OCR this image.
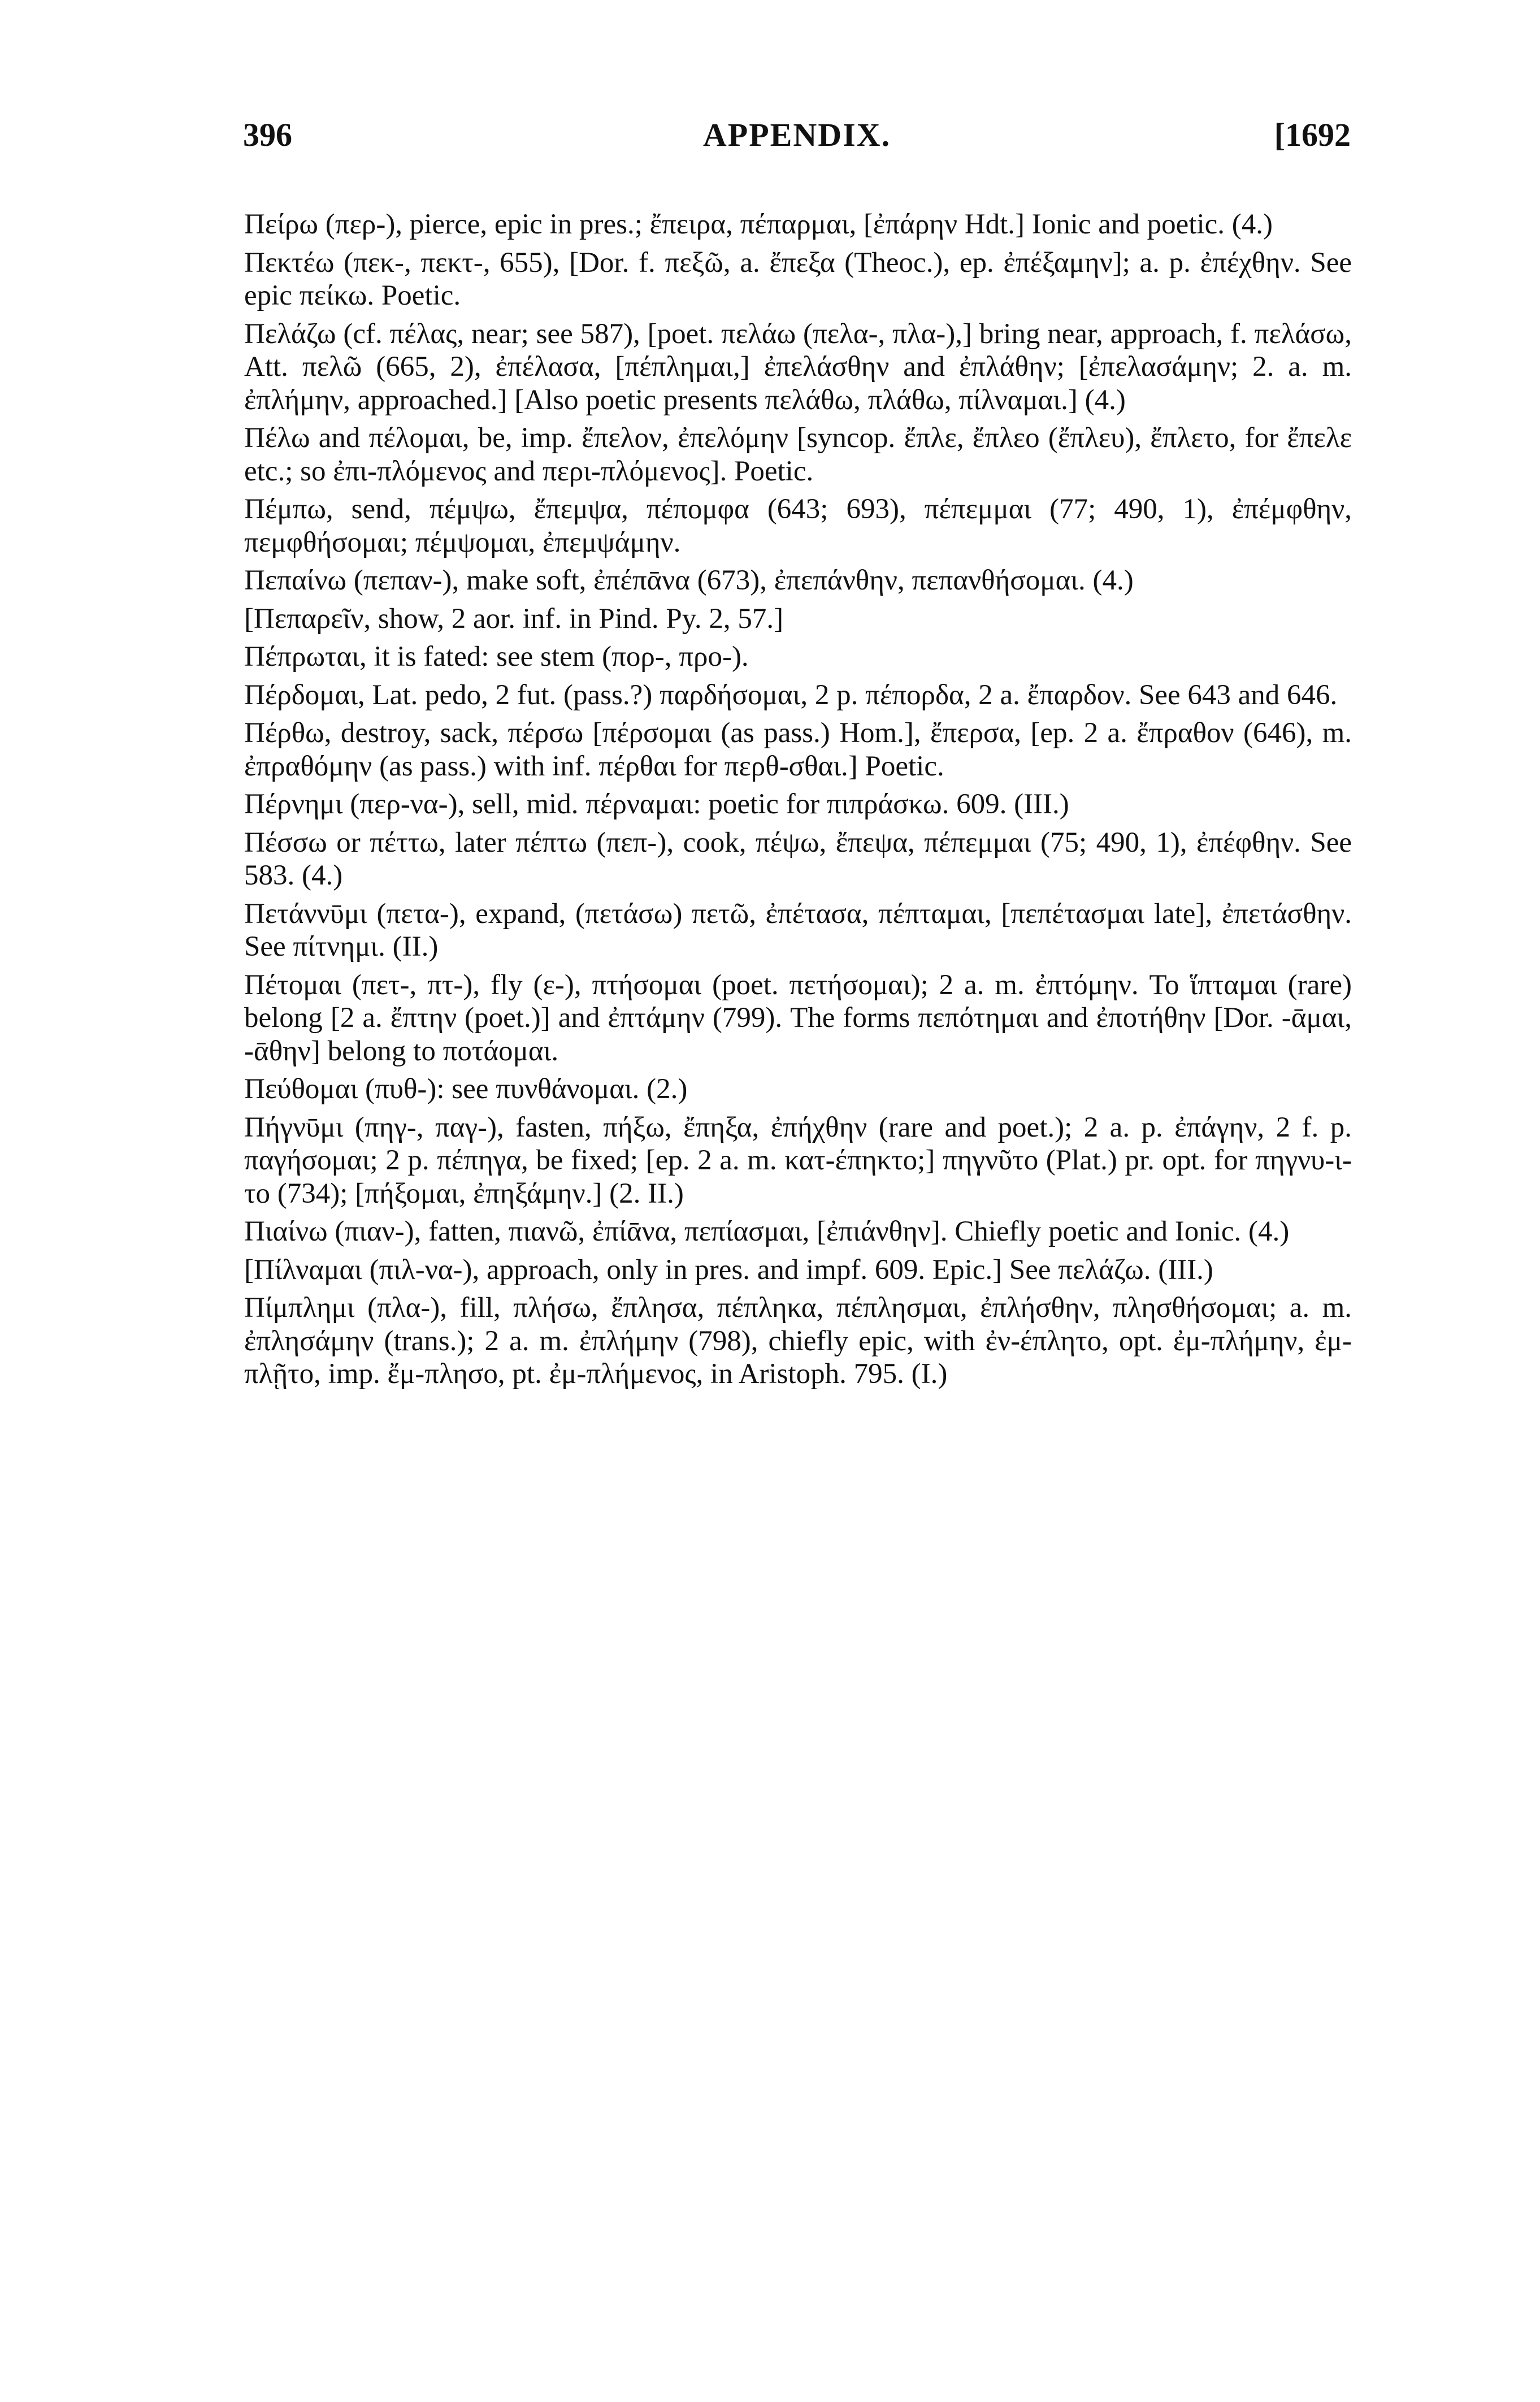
396	APPENDIX.	[1692

Πείρω (περ-), pierce, epic in pres.; ἔπειρα, πέπαρμαι, [ἐπάρην Hdt.] Ionic and poetic. (4.)

Πεκτέω (πεκ-, πεκτ-, 655), [Dor. f. πεξῶ, a. ἔπεξα (Theoc.), ep. ἐπέξαμην]; a. p. ἐπέχθην. See epic πείκω. Poetic.

Πελάζω (cf. πέλας, near; see 587), [poet. πελάω (πελα-, πλα-),] bring near, approach, f. πελάσω, Att. πελῶ (665, 2), ἐπέλασα, [πέπλημαι,] ἐπελάσθην and ἐπλάθην; [ἐπελασάμην; 2. a. m. ἐπλήμην, approached.] [Also poetic presents πελάθω, πλάθω, πίλναμαι.] (4.)

Πέλω and πέλομαι, be, imp. ἔπελον, ἐπελόμην [syncop. ἔπλε, ἔπλεο (ἔπλευ), ἔπλετο, for ἔπελε etc.; so ἐπι-πλόμενος and περι-πλόμενος]. Poetic.

Πέμπω, send, πέμψω, ἔπεμψα, πέπομφα (643; 693), πέπεμμαι (77; 490, 1), ἐπέμφθην, πεμφθήσομαι; πέμψομαι, ἐπεμψάμην.

Πεπαίνω (πεπαν-), make soft, ἐπέπᾱνα (673), ἐπεπάνθην, πεπανθήσομαι. (4.)

[Πεπαρεῖν, show, 2 aor. inf. in Pind. Py. 2, 57.]

Πέπρωται, it is fated: see stem (πορ-, προ-).

Πέρδομαι, Lat. pedo, 2 fut. (pass.?) παρδήσομαι, 2 p. πέπορδα, 2 a. ἔπαρδον. See 643 and 646.

Πέρθω, destroy, sack, πέρσω [πέρσομαι (as pass.) Hom.], ἔπερσα, [ep. 2 a. ἔπραθον (646), m. ἐπραθόμην (as pass.) with inf. πέρθαι for περθ-σθαι.] Poetic.

Πέρνημι (περ-να-), sell, mid. πέρναμαι: poetic for πιπράσκω. 609. (III.)

Πέσσω or πέττω, later πέπτω (πεπ-), cook, πέψω, ἔπεψα, πέπεμμαι (75; 490, 1), ἐπέφθην. See 583. (4.)

Πετάννῡμι (πετα-), expand, (πετάσω) πετῶ, ἐπέτασα, πέπταμαι, [πεπέτασμαι late], ἐπετάσθην. See πίτνημι. (II.)

Πέτομαι (πετ-, πτ-), fly (ε-), πτήσομαι (poet. πετήσομαι); 2 a. m. ἐπτόμην. To ἵπταμαι (rare) belong [2 a. ἔπτην (poet.)] and ἐπτάμην (799). The forms πεπότημαι and ἐποτήθην [Dor. -ᾱμαι, -ᾱθην] belong to ποτάομαι.

Πεύθομαι (πυθ-): see πυνθάνομαι. (2.)

Πήγνῡμι (πηγ-, παγ-), fasten, πήξω, ἔπηξα, ἐπήχθην (rare and poet.); 2 a. p. ἐπάγην, 2 f. p. παγήσομαι; 2 p. πέπηγα, be fixed; [ep. 2 a. m. κατ-έπηκτο;] πηγνῦτο (Plat.) pr. opt. for πηγνυ-ι-το (734); [πήξομαι, ἐπηξάμην.] (2. II.)

Πιαίνω (πιαν-), fatten, πιανῶ, ἐπίᾱνα, πεπίασμαι, [ἐπιάνθην]. Chiefly poetic and Ionic. (4.)

[Πίλναμαι (πιλ-να-), approach, only in pres. and impf. 609. Epic.] See πελάζω. (III.)

Πίμπλημι (πλα-), fill, πλήσω, ἔπλησα, πέπληκα, πέπλησμαι, ἐπλήσθην, πλησθήσομαι; a. m. ἐπλησάμην (trans.); 2 a. m. ἐπλήμην (798), chiefly epic, with ἐν-έπλητο, opt. ἐμ-πλήμην, ἐμ-πλῇτο, imp. ἔμ-πλησο, pt. ἐμ-πλήμενος, in Aristoph. 795. (I.)
